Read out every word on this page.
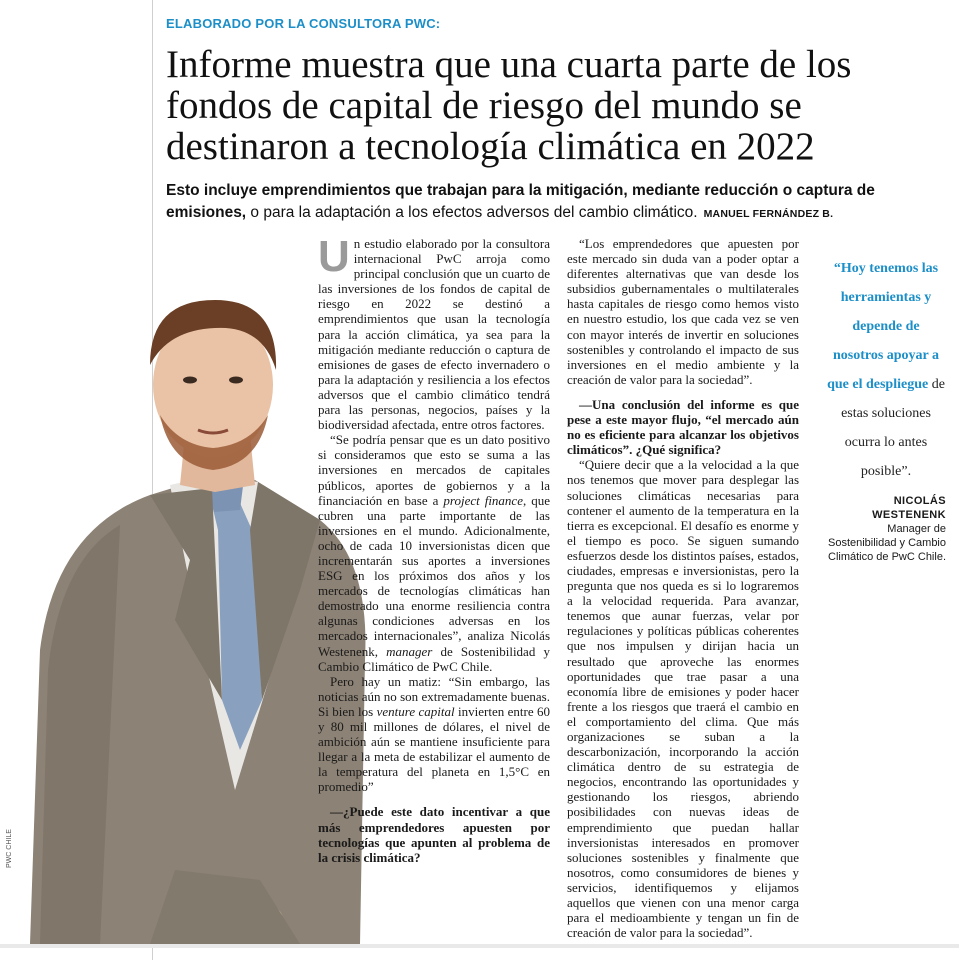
ELABORADO POR LA CONSULTORA PWC:
Informe muestra que una cuarta parte de los fondos de capital de riesgo del mundo se destinaron a tecnología climática en 2022
Esto incluye emprendimientos que trabajan para la mitigación, mediante reducción o captura de emisiones, o para la adaptación a los efectos adversos del cambio climático. MANUEL FERNÁNDEZ B.
PWC CHILE

Un estudio elaborado por la consultora internacional PwC arroja como principal conclusión que un cuarto de las inversiones de los fondos de capital de riesgo en 2022 se destinó a emprendimientos que usan la tecnología para la acción climática, ya sea para la mitigación mediante reducción o captura de emisiones de gases de efecto invernadero o para la adaptación y resiliencia a los efectos adversos que el cambio climático tendrá para las personas, negocios, países y la biodiversidad afectada, entre otros factores.

“Se podría pensar que es un dato positivo si consideramos que esto se suma a las inversiones en mercados de capitales públicos, aportes de gobiernos y a la financiación en base a project finance, que cubren una parte importante de las inversiones en el mundo. Adicionalmente, ocho de cada 10 inversionistas dicen que incrementarán sus aportes a inversiones ESG en los próximos dos años y los mercados de tecnologías climáticas han demostrado una enorme resiliencia contra algunas condiciones adversas en los mercados internacionales”, analiza Nicolás Westenenk, manager de Sostenibilidad y Cambio Climático de PwC Chile.

Pero hay un matiz: “Sin embargo, las noticias aún no son extremadamente buenas. Si bien los venture capital invierten entre 60 y 80 mil millones de dólares, el nivel de ambición aún se mantiene insuficiente para llegar a la meta de estabilizar el aumento de la temperatura del planeta en 1,5°C en promedio”

—¿Puede este dato incentivar a que más emprendedores apuesten por tecnologías que apunten al problema de la crisis climática?

“Los emprendedores que apuesten por este mercado sin duda van a poder optar a diferentes alternativas que van desde los subsidios gubernamentales o multilaterales hasta capitales de riesgo como hemos visto en nuestro estudio, los que cada vez se ven con mayor interés de invertir en soluciones sostenibles y controlando el impacto de sus inversiones en el medio ambiente y la creación de valor para la sociedad”.

—Una conclusión del informe es que pese a este mayor flujo, “el mercado aún no es eficiente para alcanzar los objetivos climáticos”. ¿Qué significa?

“Quiere decir que a la velocidad a la que nos tenemos que mover para desplegar las soluciones climáticas necesarias para contener el aumento de la temperatura en la tierra es excepcional. El desafío es enorme y el tiempo es poco. Se siguen sumando esfuerzos desde los distintos países, estados, ciudades, empresas e inversionistas, pero la pregunta que nos queda es si lo lograremos a la velocidad requerida. Para avanzar, tenemos que aunar fuerzas, velar por regulaciones y políticas públicas coherentes que nos impulsen y dirijan hacia un resultado que aproveche las enormes oportunidades que trae pasar a una economía libre de emisiones y poder hacer frente a los riesgos que traerá el cambio en el comportamiento del clima. Que más organizaciones se suban a la descarbonización, incorporando la acción climática dentro de su estrategia de negocios, encontrando las oportunidades y gestionando los riesgos, abriendo posibilidades con nuevas ideas de emprendimiento que puedan hallar inversionistas interesados en promover soluciones sostenibles y finalmente que nosotros, como consumidores de bienes y servicios, identifiquemos y elijamos aquellos que vienen con una menor carga para el medioambiente y tengan un fin de creación de valor para la sociedad”.

“Hoy tenemos las herramientas y depende de nosotros apoyar a que el despliegue de estas soluciones ocurra lo antes posible”.
NICOLÁS WESTENENK
Manager de Sostenibilidad y Cambio Climático de PwC Chile.
